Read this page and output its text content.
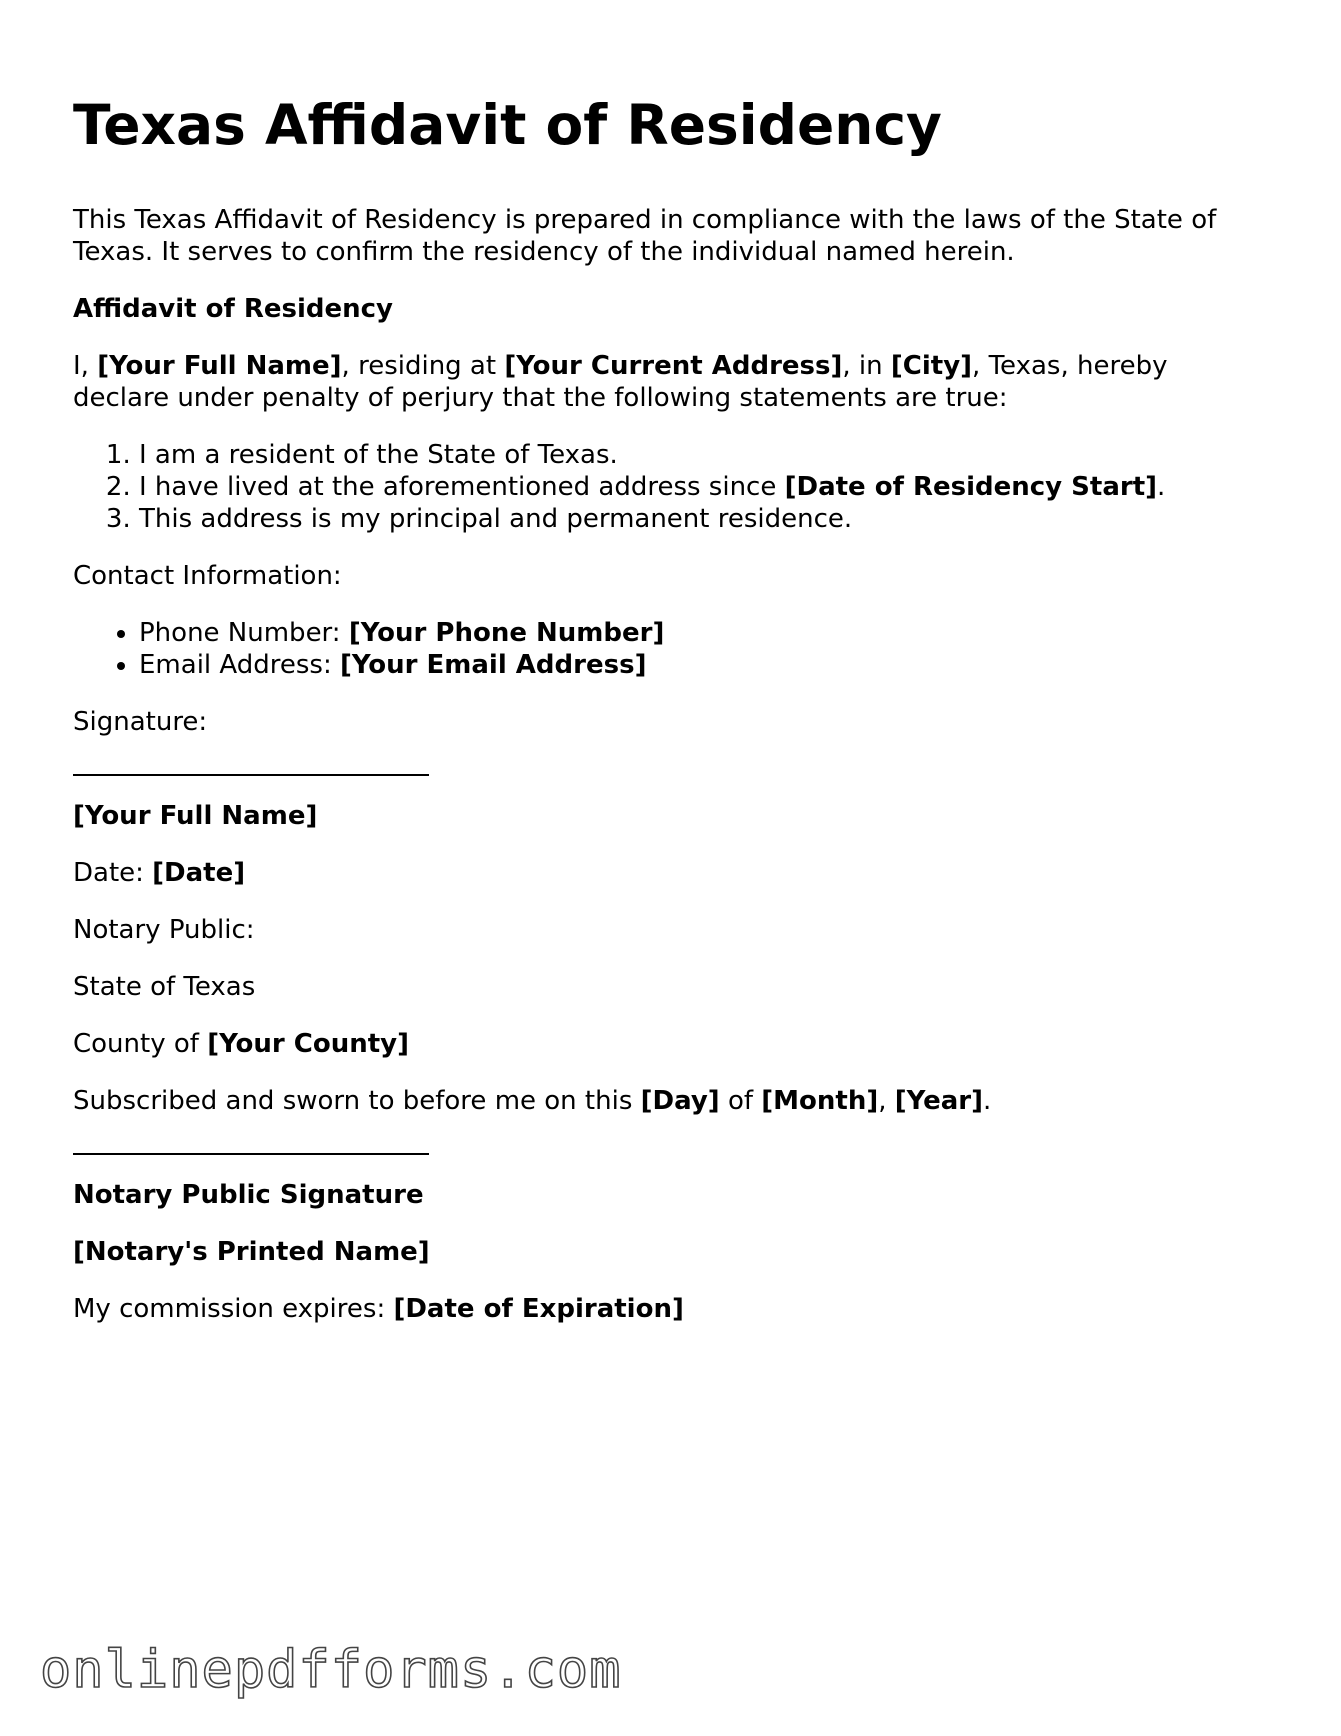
Texas Affidavit of Residency

This Texas Affidavit of Residency is prepared in compliance with the laws of the State of Texas. It serves to confirm the residency of the individual named herein.

Affidavit of Residency

I, [Your Full Name], residing at [Your Current Address], in [City], Texas, hereby declare under penalty of perjury that the following statements are true:

1. I am a resident of the State of Texas.
2. I have lived at the aforementioned address since [Date of Residency Start].
3. This address is my principal and permanent residence.

Contact Information:

• Phone Number: [Your Phone Number]
• Email Address: [Your Email Address]

Signature:

[Your Full Name]

Date: [Date]

Notary Public:

State of Texas

County of [Your County]

Subscribed and sworn to before me on this [Day] of [Month], [Year].

Notary Public Signature

[Notary's Printed Name]

My commission expires: [Date of Expiration]

onlinepdfforms.com
